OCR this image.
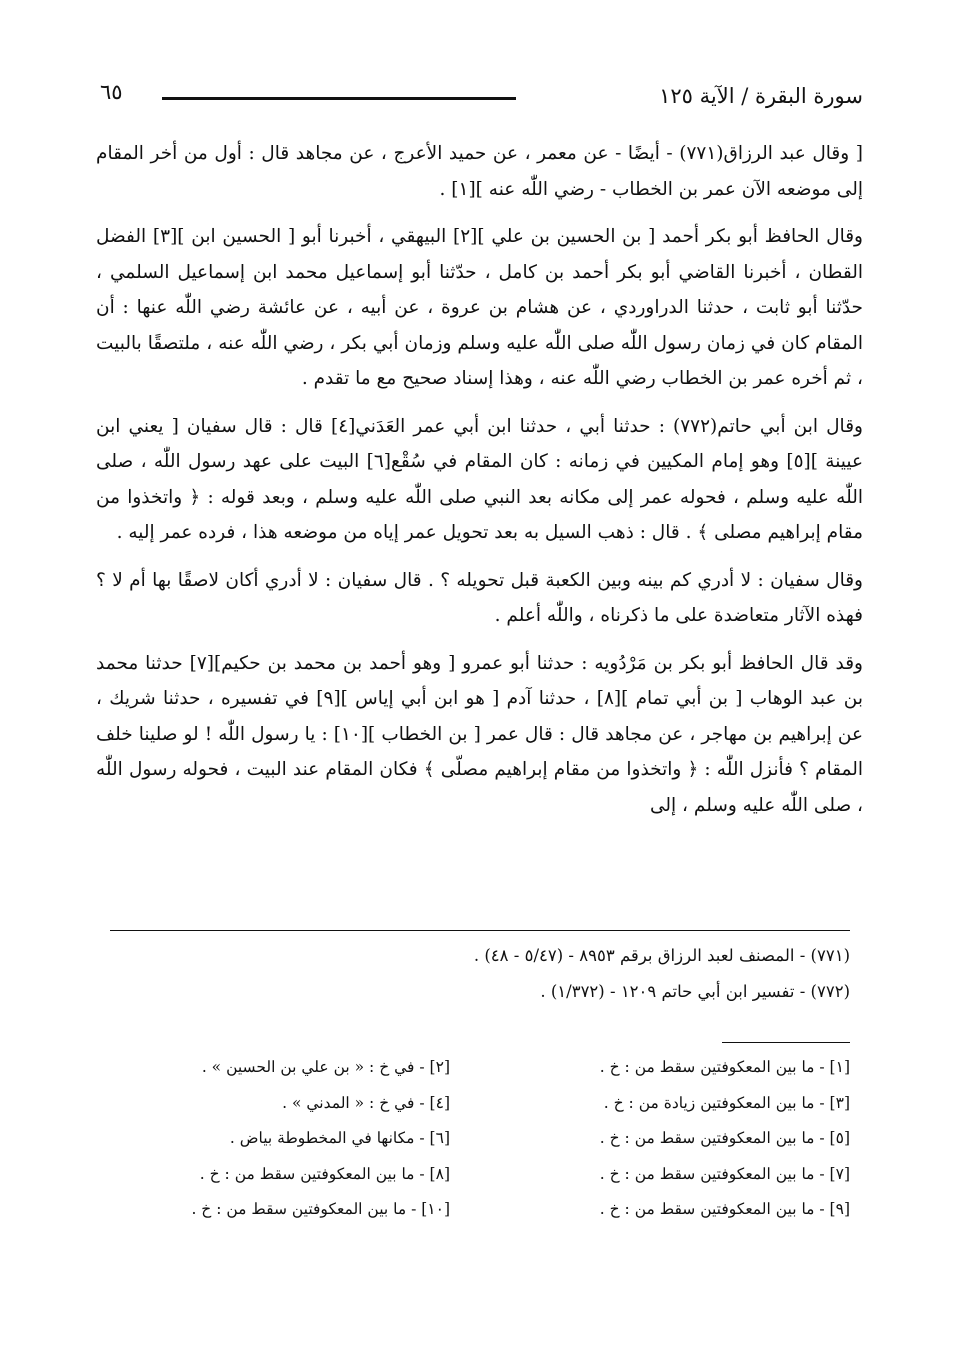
سورة البقرة / الآية ١٢٥
٦٥

[ وقال عبد الرزاق(٧٧١) - أيضًا - عن معمر ، عن حميد الأعرج ، عن مجاهد قال : أول من أخر المقام إلى موضعه الآن عمر بن الخطاب - رضي اللّٰه عنه ][١] .

وقال الحافظ أبو بكر أحمد [ بن الحسين بن علي ][٢] البيهقي ، أخبرنا أبو [ الحسين ابن ][٣] الفضل القطان ، أخبرنا القاضي أبو بكر أحمد بن كامل ، حدّثنا أبو إسماعيل محمد ابن إسماعيل السلمي ، حدّثنا أبو ثابت ، حدثنا الدراوردي ، عن هشام بن عروة ، عن أبيه ، عن عائشة رضي اللّٰه عنها : أن المقام كان في زمان رسول اللّٰه صلى اللّٰه عليه وسلم وزمان أبي بكر ، رضي اللّٰه عنه ، ملتصقًا بالبيت ، ثم أخره عمر بن الخطاب رضي اللّٰه عنه ، وهذا إسناد صحيح مع ما تقدم .

وقال ابن أبي حاتم(٧٧٢) : حدثنا أبي ، حدثنا ابن أبي عمر العَدَني[٤] قال : قال سفيان [ يعني ابن عيينة ][٥] وهو إمام المكيين في زمانه : كان المقام في سُقْع[٦] البيت على عهد رسول اللّٰه ، صلى اللّٰه عليه وسلم ، فحوله عمر إلى مكانه بعد النبي صلى اللّٰه عليه وسلم ، وبعد قوله : ﴿ واتخذوا من مقام إبراهيم مصلى ﴾ . قال : ذهب السيل به بعد تحويل عمر إياه من موضعه هذا ، فرده عمر إليه .

وقال سفيان : لا أدري كم بينه وبين الكعبة قبل تحويله ؟ . قال سفيان : لا أدري أكان لاصقًا بها أم لا ؟ فهذه الآثار متعاضدة على ما ذكرناه ، واللّٰه أعلم .

وقد قال الحافظ أبو بكر بن مَرْدُويه : حدثنا أبو عمرو [ وهو أحمد بن محمد بن حكيم][٧] حدثنا محمد بن عبد الوهاب [ بن أبي تمام ][٨] ، حدثنا آدم [ هو ابن أبي إياس ][٩] في تفسيره ، حدثنا شريك ، عن إبراهيم بن مهاجر ، عن مجاهد قال : قال عمر [ بن الخطاب ][١٠] : يا رسول اللّٰه ! لو صلينا خلف المقام ؟ فأنزل اللّٰه : ﴿ واتخذوا من مقام إبراهيم مصلّى ﴾ فكان المقام عند البيت ، فحوله رسول اللّٰه ، صلى اللّٰه عليه وسلم ، إلى

(٧٧١) - المصنف لعبد الرزاق برقم ٨٩٥٣ - (٥/٤٧ - ٤٨) .
(٧٧٢) - تفسير ابن أبي حاتم ١٢٠٩ - (١/٣٧٢) .
[١] - ما بين المعكوفتين سقط من : خ .
[٣] - ما بين المعكوفتين زيادة من : خ .
[٥] - ما بين المعكوفتين سقط من : خ .
[٧] - ما بين المعكوفتين سقط من : خ .
[٩] - ما بين المعكوفتين سقط من : خ .
[٢] - في خ : « بن علي بن الحسين » .
[٤] - في خ : « المدني » .
[٦] - مكانها في المخطوطة بياض .
[٨] - ما بين المعكوفتين سقط من : خ .
[١٠] - ما بين المعكوفتين سقط من : خ .
